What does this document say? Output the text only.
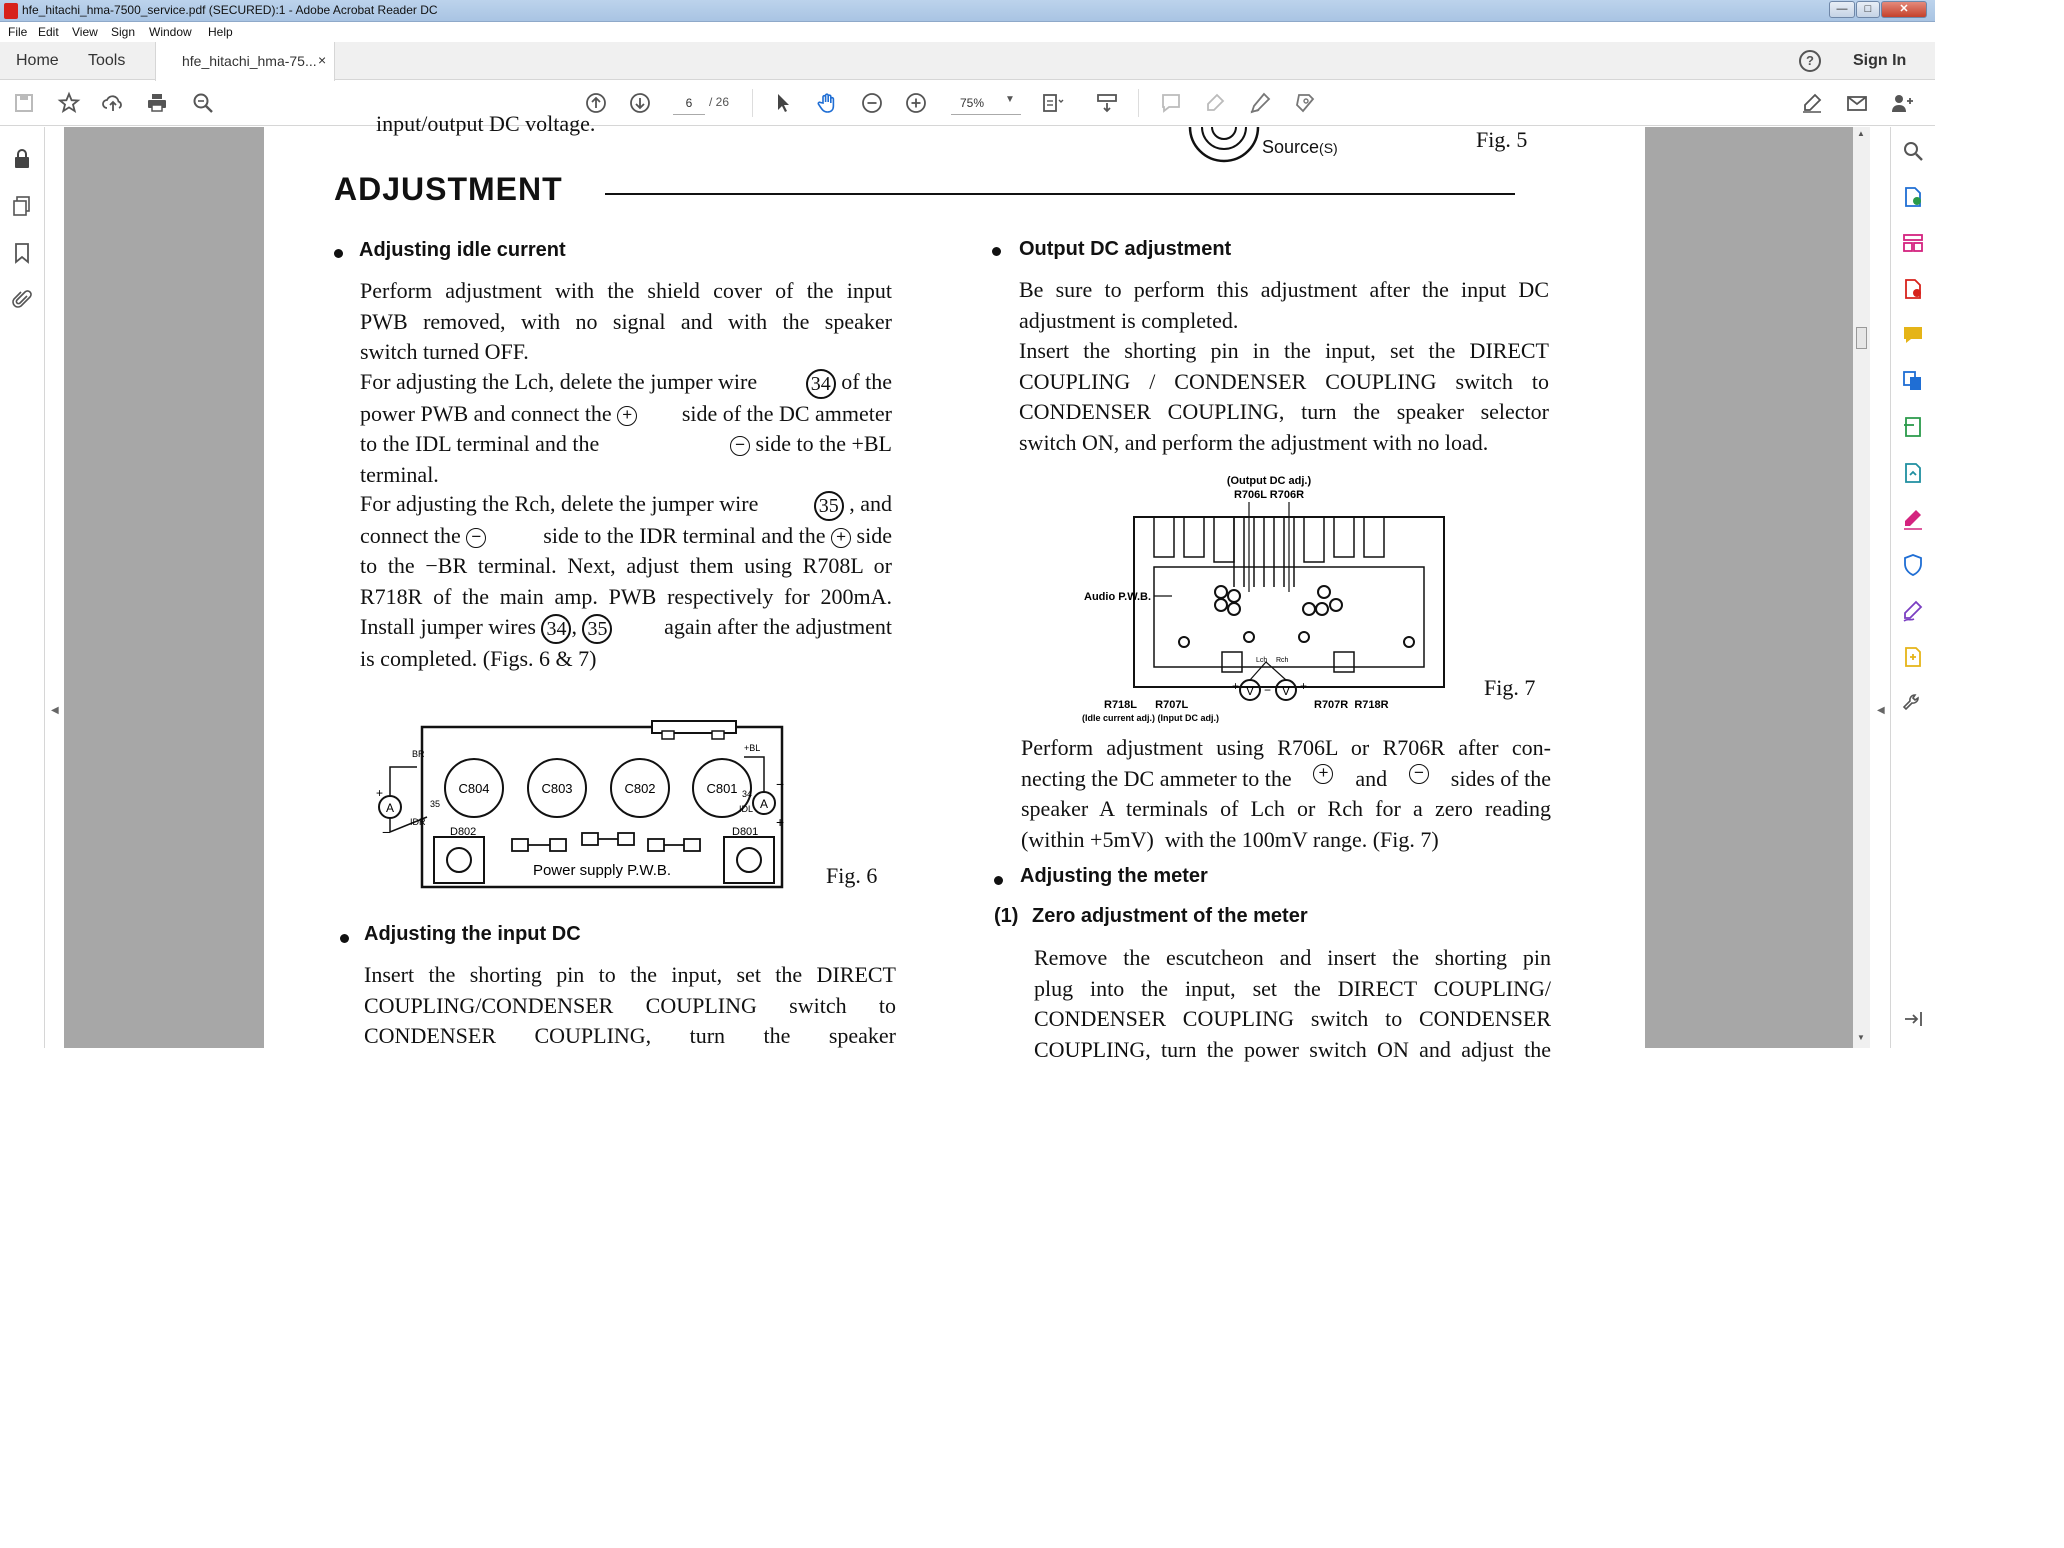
hfe_hitachi_hma-7500_service.pdf (SECURED):1 - Adobe Acrobat Reader DC	—	□	✕
File Edit View Sign Window Help
Home Tools	hfe_hitachi_hma-75... ×	?	Sign In
6
/ 26	75% ▼
◀
input/output DC voltage.
Source(S)	Fig. 5
ADJUSTMENT
Adjusting idle current
Perform adjustment with the shield cover of the input
PWB removed, with no signal and with the speaker
switch turned OFF.
For adjusting the Lch, delete the jumper wire	34 of the
power PWB and connect the + side of the DC ammeter
to the IDL terminal and the	− side to the +BL
terminal.
For adjusting the Rch, delete the jumper wire	35 , and
connect the −	side to the IDR terminal and the + side
to the −BR terminal. Next, adjust them using R708L or
R718R of the main amp. PWB respectively for 200mA.
Install jumper wires 34 , 35	again after the adjustment
is completed. (Figs. 6 & 7)
C804	C803	C802	C801
D802	D801
Power supply P.W.B.
A	A
BR
35
IDR
+BL
34
IDL
+
−
−
+
Fig. 6
Adjusting the input DC
Insert the shorting pin to the input, set the DIRECT
COUPLING/CONDENSER COUPLING switch to
CONDENSER COUPLING, turn the speaker
Output DC adjustment
Be sure to perform this adjustment after the input DC
adjustment is completed.
Insert the shorting pin in the input, set the DIRECT
COUPLING / CONDENSER COUPLING switch to
CONDENSER COUPLING, turn the speaker selector
switch ON, and perform the adjustment with no load.
(Output DC adj.)
R706L R706R
Audio P.W.B.
Lch Rch
V V
+ − +
R718L      R707L
(Idle current adj.) (Input DC adj.)
R707R  R718R
Fig. 7
Perform adjustment using R706L or R706R after con-
necting the DC ammeter to the + and − sides of the
speaker A terminals of Lch or Rch for a zero reading
(within +5mV)  with the 100mV range. (Fig. 7)
Adjusting the meter
(1) Zero adjustment of the meter
Remove the escutcheon and insert the shorting pin
plug into the input, set the DIRECT COUPLING/
CONDENSER COUPLING switch to CONDENSER
COUPLING, turn the power switch ON and adjust the
▲
▼
◀
